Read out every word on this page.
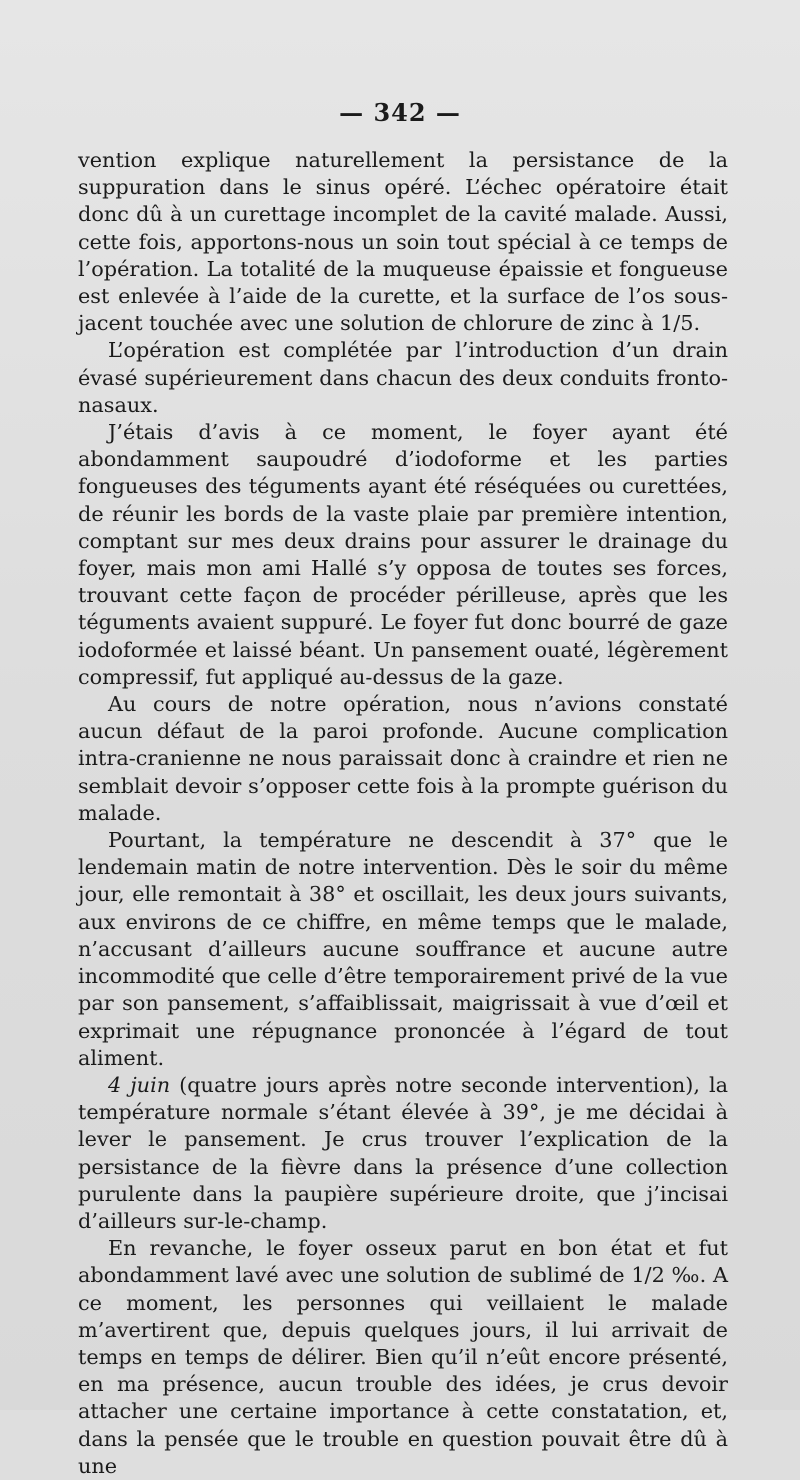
— 342 —

vention explique naturellement la persistance de la suppuration dans le sinus opéré. L’échec opératoire était donc dû à un curettage incomplet de la cavité malade. Aussi, cette fois, apportons-nous un soin tout spécial à ce temps de l’opération. La totalité de la muqueuse épaissie et fongueuse est enlevée à l’aide de la curette, et la surface de l’os sous-jacent touchée avec une solution de chlorure de zinc à 1/5.

L’opération est complétée par l’introduction d’un drain évasé supérieurement dans chacun des deux conduits fronto-nasaux.

J’étais d’avis à ce moment, le foyer ayant été abondamment saupoudré d’iodoforme et les parties fongueuses des téguments ayant été réséquées ou curettées, de réunir les bords de la vaste plaie par première intention, comptant sur mes deux drains pour assurer le drainage du foyer, mais mon ami Hallé s’y opposa de toutes ses forces, trouvant cette façon de procéder périlleuse, après que les téguments avaient suppuré. Le foyer fut donc bourré de gaze iodoformée et laissé béant. Un pansement ouaté, légèrement compressif, fut appliqué au-dessus de la gaze.

Au cours de notre opération, nous n’avions constaté aucun défaut de la paroi profonde. Aucune complication intra-cranienne ne nous paraissait donc à craindre et rien ne semblait devoir s’opposer cette fois à la prompte guérison du malade.

Pourtant, la température ne descendit à 37° que le lendemain matin de notre intervention. Dès le soir du même jour, elle remontait à 38° et oscillait, les deux jours suivants, aux environs de ce chiffre, en même temps que le malade, n’accusant d’ailleurs aucune souffrance et aucune autre incommodité que celle d’être temporairement privé de la vue par son pansement, s’affaiblissait, maigrissait à vue d’œil et exprimait une répugnance prononcée à l’égard de tout aliment.

4 juin (quatre jours après notre seconde intervention), la température normale s’étant élevée à 39°, je me décidai à lever le pansement. Je crus trouver l’explication de la persistance de la fièvre dans la présence d’une collection purulente dans la paupière supérieure droite, que j’incisai d’ailleurs sur-le-champ.

En revanche, le foyer osseux parut en bon état et fut abondamment lavé avec une solution de sublimé de 1/2 ‰. A ce moment, les personnes qui veillaient le malade m’avertirent que, depuis quelques jours, il lui arrivait de temps en temps de délirer. Bien qu’il n’eût encore présenté, en ma présence, aucun trouble des idées, je crus devoir attacher une certaine importance à cette constatation, et, dans la pensée que le trouble en question pouvait être dû à une
